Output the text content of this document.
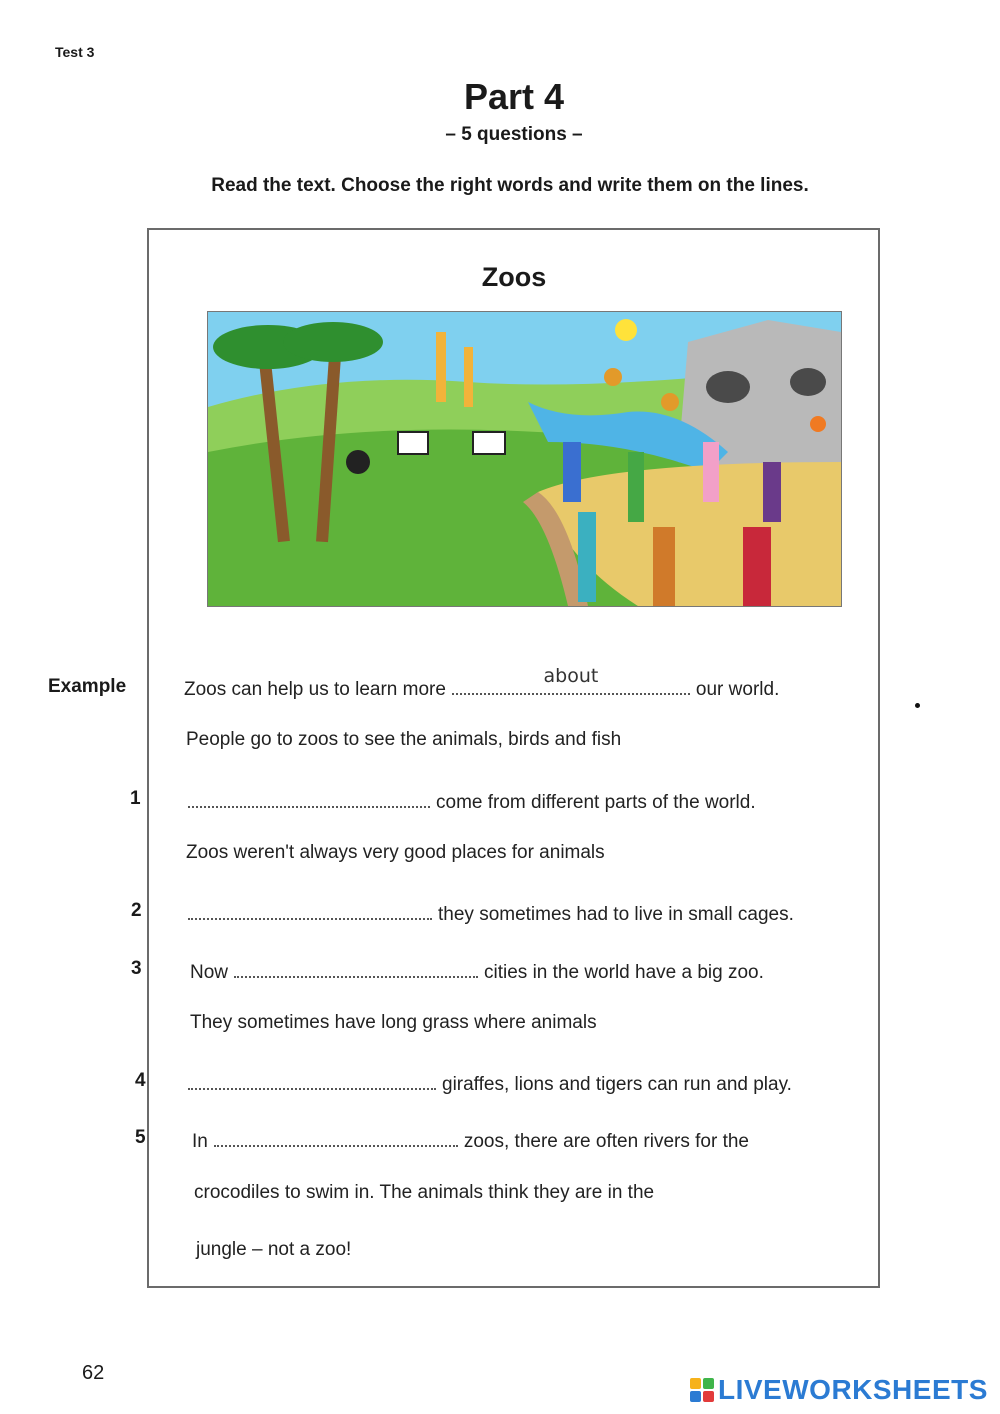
Test 3
Part 4
– 5 questions –
Read the text. Choose the right words and write them on the lines.
Zoos
Example	Zoos can help us to learn more
about
our world.
People go to zoos to see the animals, birds and fish
1	come from different parts of the world.
Zoos weren't always very good places for animals
2	they sometimes had to live in small cages.
3	Now	cities in the world have a big zoo.
They sometimes have long grass where animals
4	giraffes, lions and tigers can run and play.
5 In	zoos, there are often rivers for the
crocodiles to swim in. The animals think they are in the
jungle – not a zoo!
62
LIVEWORKSHEETS
